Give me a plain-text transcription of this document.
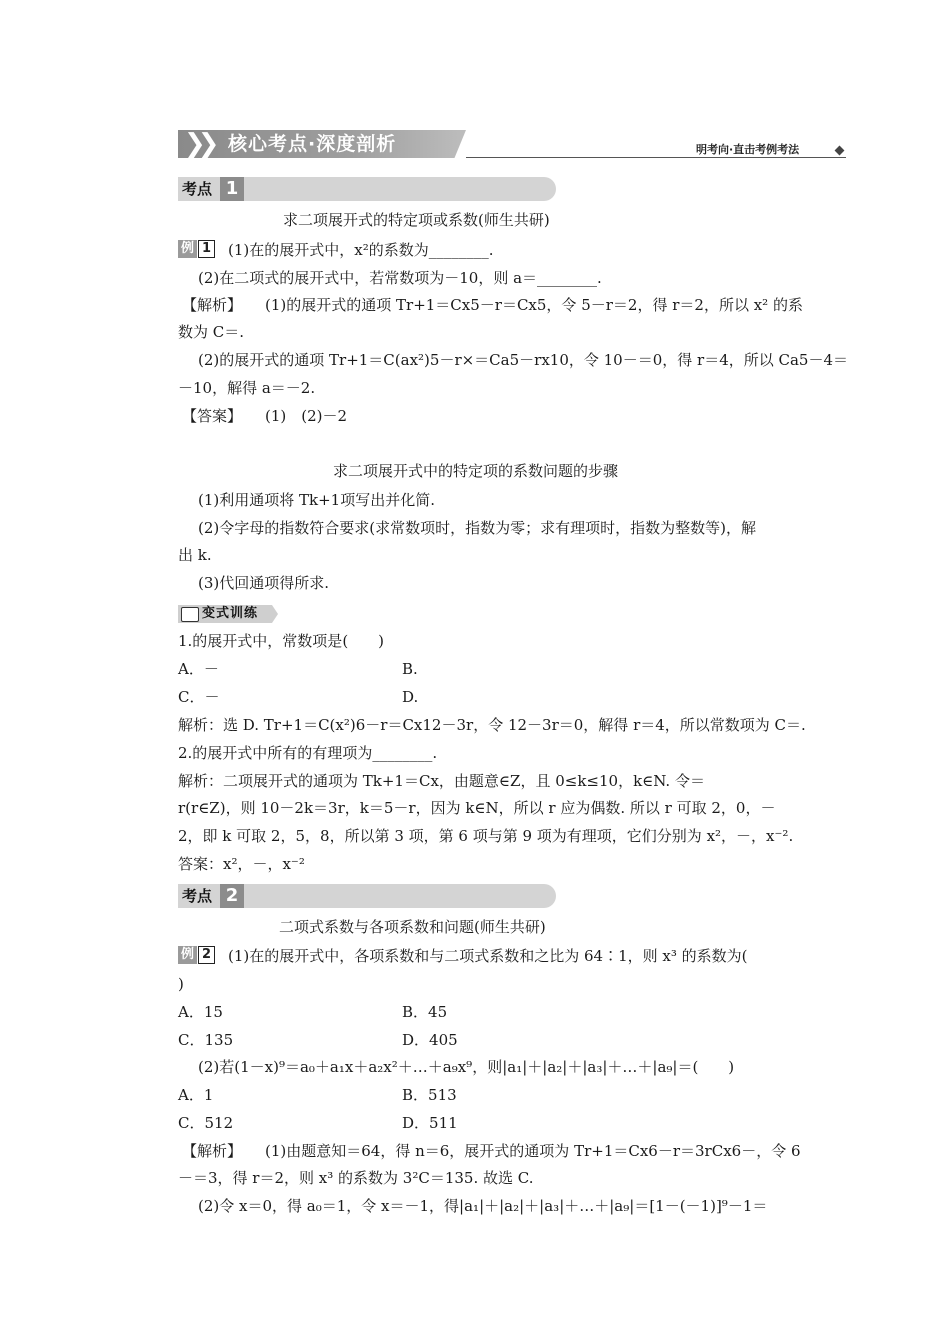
❯❯ 核心考点·深度剖析	明考向·直击考例考法
考点 1
求二项展开式的特定项或系数(师生共研)
例 1 (1)在的展开式中，x²的系数为________.
(2)在二项式的展开式中，若常数项为－10，则 a＝________.
【解析】 (1)的展开式的通项 Tr+1＝Cx5－r＝Cx5，令 5－r＝2，得 r＝2，所以 x² 的系
数为 C＝.
(2)的展开式的通项 Tr+1＝C(ax²)5－r×＝Ca5－rx10，令 10－＝0，得 r＝4，所以 Ca5－4＝
－10，解得 a＝－2.
【答案】 (1)　(2)－2
求二项展开式中的特定项的系数问题的步骤
(1)利用通项将 Tk+1项写出并化简.
(2)令字母的指数符合要求(求常数项时，指数为零；求有理项时，指数为整数等)，解
出 k.
(3)代回通项得所求.
变式训练
1.的展开式中，常数项是(　　)
A．－	B.
C．－	D.
解析：选 D. Tr+1＝C(x²)6－r＝Cx12－3r，令 12－3r＝0，解得 r＝4，所以常数项为 C＝.
2.的展开式中所有的有理项为________.
解析：二项展开式的通项为 Tk+1＝Cx，由题意∈Z，且 0≤k≤10，k∈N. 令＝
r(r∈Z)，则 10－2k＝3r，k＝5－r，因为 k∈N，所以 r 应为偶数. 所以 r 可取 2，0，－
2，即 k 可取 2，5，8，所以第 3 项，第 6 项与第 9 项为有理项，它们分别为 x²，－，x⁻².
答案：x²，－，x⁻²
考点 2
二项式系数与各项系数和问题(师生共研)
例 2 (1)在的展开式中，各项系数和与二项式系数和之比为 64∶1，则 x³ 的系数为(
)
A．15	B．45
C．135	D．405
(2)若(1－x)⁹＝a₀＋a₁x＋a₂x²＋…＋a₉x⁹，则|a₁|＋|a₂|＋|a₃|＋…＋|a₉|＝(　　)
A．1	B．513
C．512	D．511
【解析】 (1)由题意知＝64，得 n＝6，展开式的通项为 Tr+1＝Cx6－r＝3rCx6－，令 6
－＝3，得 r＝2，则 x³ 的系数为 3²C＝135. 故选 C.
(2)令 x＝0，得 a₀＝1，令 x＝－1，得|a₁|＋|a₂|＋|a₃|＋…＋|a₉|＝[1－(－1)]⁹－1＝
